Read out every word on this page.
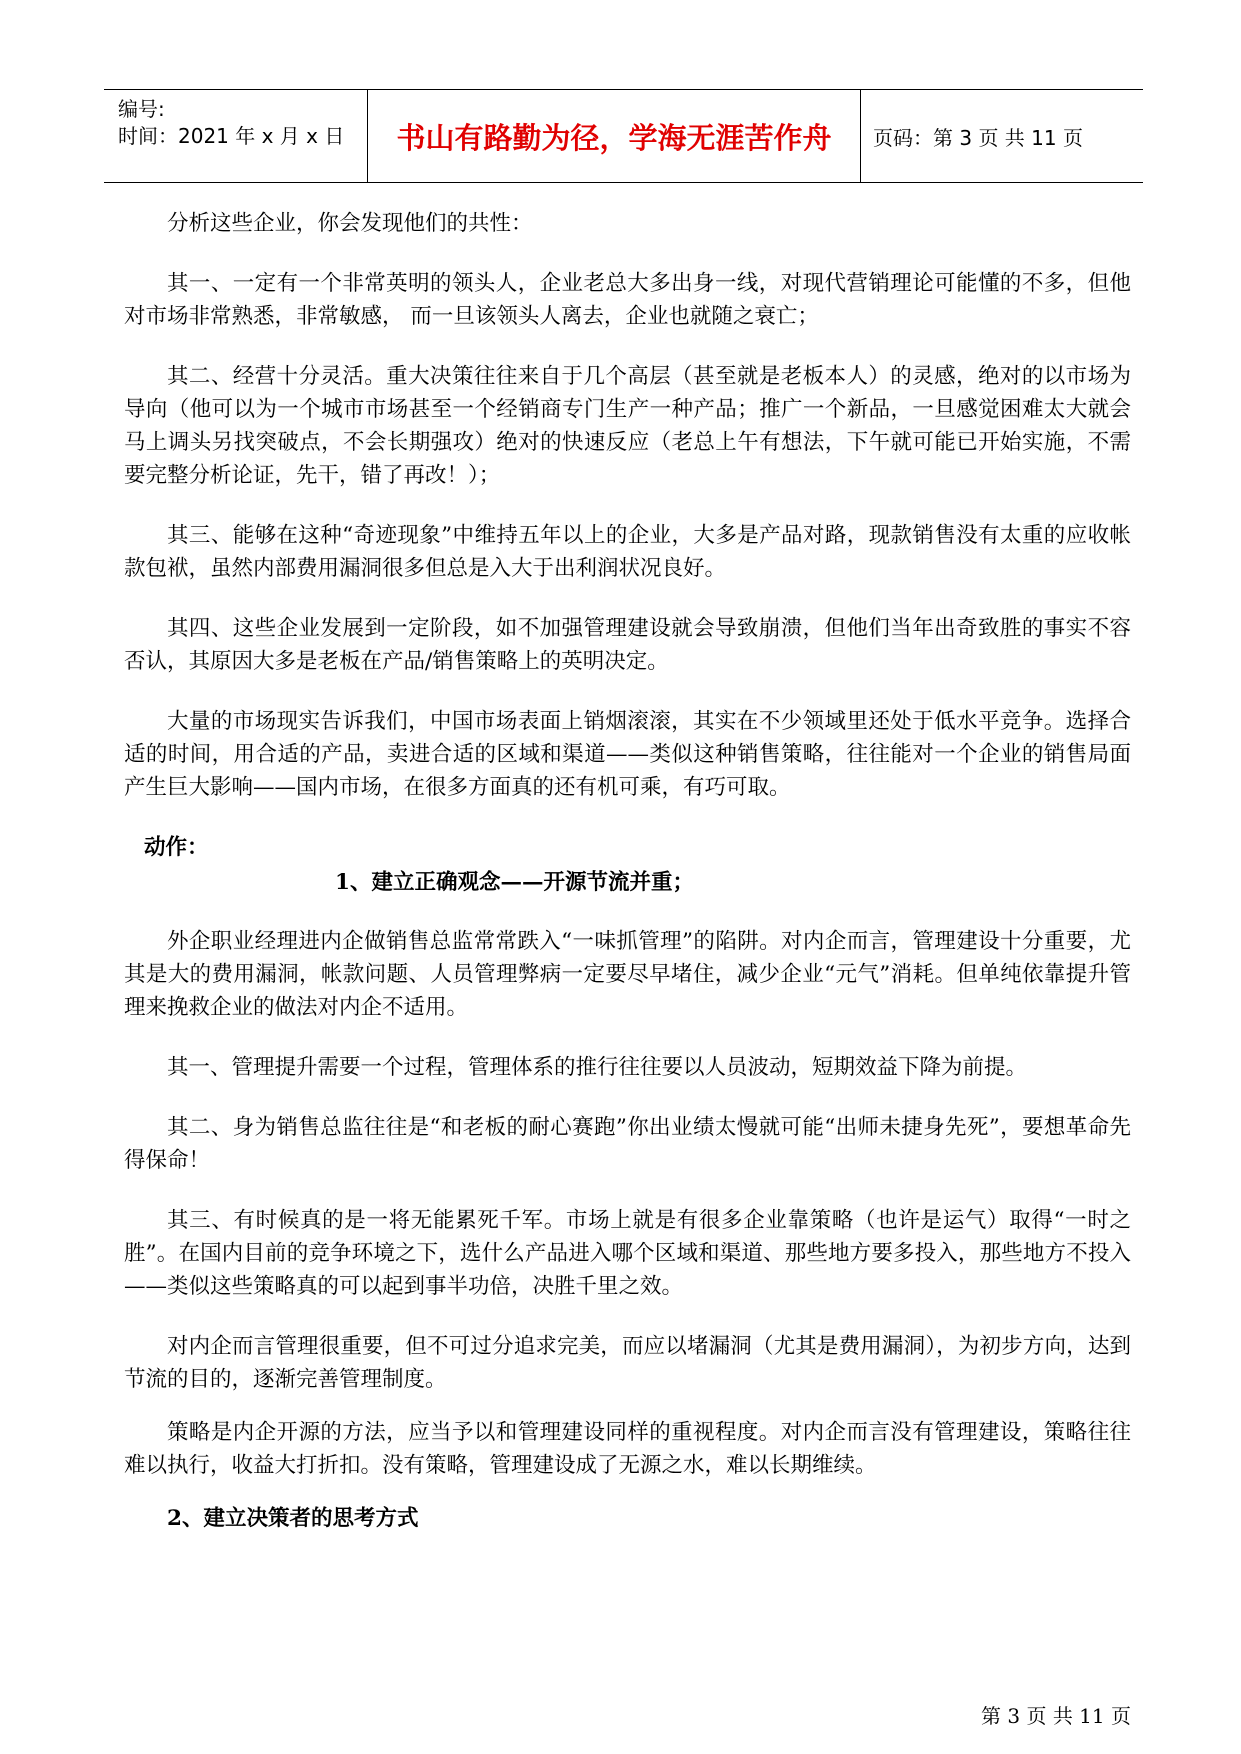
编号:
时间：2021 年 x 月 x 日	书山有路勤为径，学海无涯苦作舟	页码：第 3 页 共 11 页

分析这些企业，你会发现他们的共性：

其一、一定有一个非常英明的领头人，企业老总大多出身一线，对现代营销理论可能懂的不多，但他对市场非常熟悉，非常敏感， 而一旦该领头人离去，企业也就随之衰亡；

其二、经营十分灵活。重大决策往往来自于几个高层（甚至就是老板本人）的灵感，绝对的以市场为导向（他可以为一个城市市场甚至一个经销商专门生产一种产品；推广一个新品，一旦感觉困难太大就会马上调头另找突破点，不会长期强攻）绝对的快速反应（老总上午有想法，下午就可能已开始实施，不需要完整分析论证，先干，错了再改！）；

其三、能够在这种“奇迹现象”中维持五年以上的企业，大多是产品对路，现款销售没有太重的应收帐款包袱，虽然内部费用漏洞很多但总是入大于出利润状况良好。

其四、这些企业发展到一定阶段，如不加强管理建设就会导致崩溃，但他们当年出奇致胜的事实不容否认，其原因大多是老板在产品/销售策略上的英明决定。

大量的市场现实告诉我们，中国市场表面上销烟滚滚，其实在不少领域里还处于低水平竞争。选择合适的时间，用合适的产品，卖进合适的区域和渠道——类似这种销售策略，往往能对一个企业的销售局面产生巨大影响——国内市场，在很多方面真的还有机可乘，有巧可取。

动作：
1、建立正确观念——开源节流并重；

外企职业经理进内企做销售总监常常跌入“一味抓管理”的陷阱。对内企而言，管理建设十分重要，尤其是大的费用漏洞，帐款问题、人员管理弊病一定要尽早堵住，减少企业“元气”消耗。但单纯依靠提升管理来挽救企业的做法对内企不适用。

其一、管理提升需要一个过程，管理体系的推行往往要以人员波动，短期效益下降为前提。

其二、身为销售总监往往是“和老板的耐心赛跑”你出业绩太慢就可能“出师未捷身先死”，要想革命先得保命！

其三、有时候真的是一将无能累死千军。市场上就是有很多企业靠策略（也许是运气）取得“一时之胜”。在国内目前的竞争环境之下，选什么产品进入哪个区域和渠道、那些地方要多投入，那些地方不投入——类似这些策略真的可以起到事半功倍，决胜千里之效。

对内企而言管理很重要，但不可过分追求完美，而应以堵漏洞（尤其是费用漏洞），为初步方向，达到节流的目的，逐渐完善管理制度。

策略是内企开源的方法，应当予以和管理建设同样的重视程度。对内企而言没有管理建设，策略往往难以执行，收益大打折扣。没有策略，管理建设成了无源之水，难以长期维续。

2、建立决策者的思考方式
第 3 页 共 11 页
